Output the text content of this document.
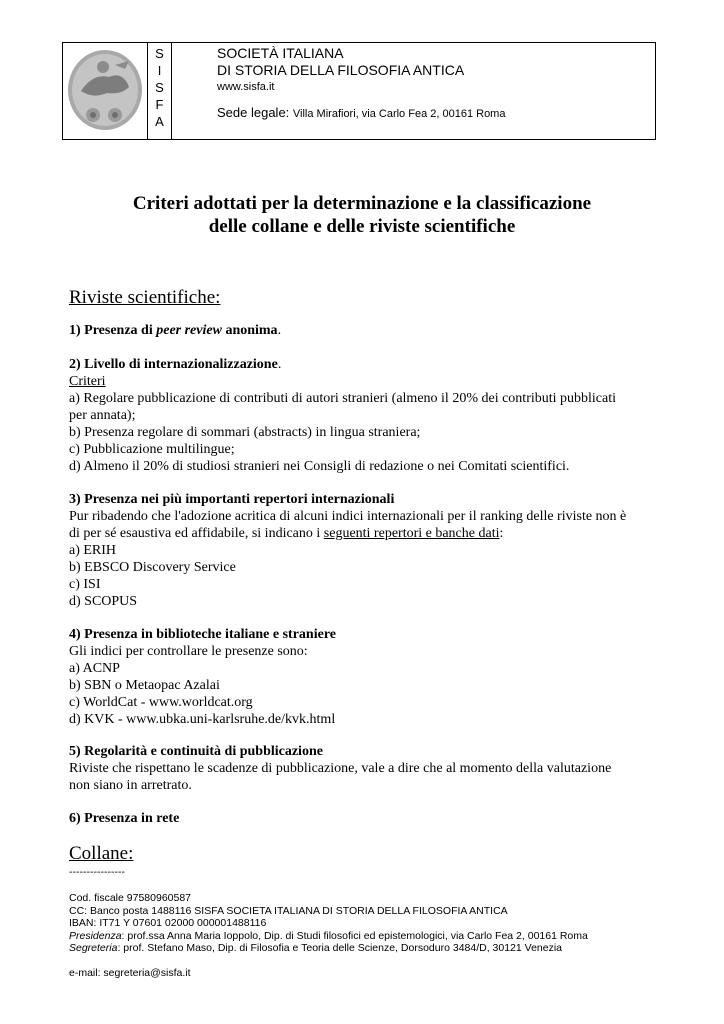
S
I
S
F
A
SOCIETÀ ITALIANA
DI STORIA DELLA FILOSOFIA ANTICA
www.sisfa.it
Sede legale: Villa Mirafiori, via Carlo Fea 2, 00161 Roma
Criteri adottati per la determinazione e la classificazione
delle collane e delle riviste scientifiche
Riviste scientifiche:
1) Presenza di peer review anonima.
2) Livello di internazionalizzazione.
Criteri
a) Regolare pubblicazione di contributi di autori stranieri (almeno il 20% dei contributi pubblicati
per annata);
b) Presenza regolare di sommari (abstracts) in lingua straniera;
c) Pubblicazione multilingue;
d) Almeno il 20% di studiosi stranieri nei Consigli di redazione o nei Comitati scientifici.
3) Presenza nei più importanti repertori internazionali
Pur ribadendo che l'adozione acritica di alcuni indici internazionali per il ranking delle riviste non è
di per sé esaustiva ed affidabile, si indicano i seguenti repertori e banche dati:
a) ERIH
b) EBSCO Discovery Service
c) ISI
d) SCOPUS
4) Presenza in biblioteche italiane e straniere
Gli indici per controllare le presenze sono:
a) ACNP
b) SBN o Metaopac Azalai
c) WorldCat - www.worldcat.org
d) KVK - www.ubka.uni-karlsruhe.de/kvk.html
5) Regolarità e continuità di pubblicazione
Riviste che rispettano le scadenze di pubblicazione, vale a dire che al momento della valutazione
non siano in arretrato.
6) Presenza in rete
Collane:
----------------
Cod. fiscale 97580960587
CC: Banco posta 1488116 SISFA SOCIETA ITALIANA DI STORIA DELLA FILOSOFIA ANTICA
IBAN: IT71 Y 07601 02000 000001488116
Presidenza: prof.ssa Anna Maria Ioppolo, Dip. di Studi filosofici ed epistemologici, via Carlo Fea 2, 00161 Roma
Segreteria: prof. Stefano Maso, Dip. di Filosofia e Teoria delle Scienze, Dorsoduro 3484/D, 30121 Venezia
e-mail: segreteria@sisfa.it
